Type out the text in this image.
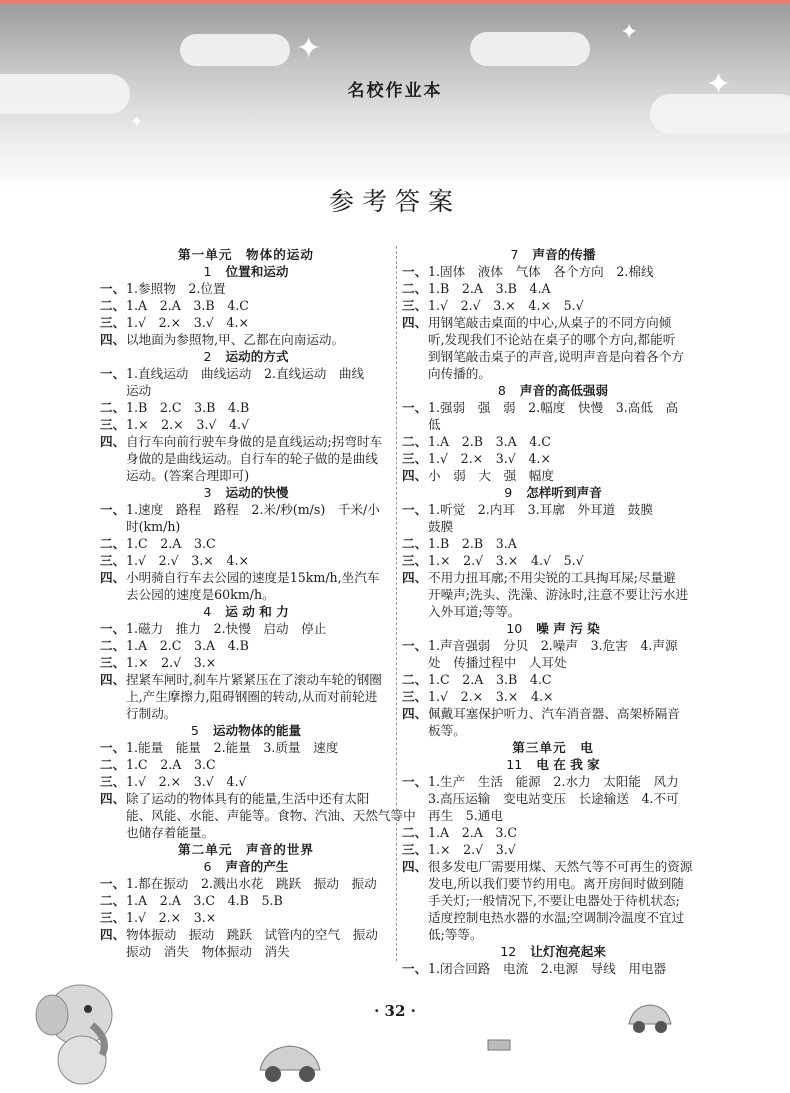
✦	✦
✦
✦
名校作业本
参考答案
第一单元　物体的运动
1 位置和运动
一、1.参照物　2.位置
二、1.A　2.A　3.B　4.C
三、1.√　2.×　3.√　4.×
四、以地面为参照物,甲、乙都在向南运动。
2 运动的方式
一、1.直线运动　曲线运动　2.直线运动　曲线
运动
二、1.B　2.C　3.B　4.B
三、1.×　2.×　3.√　4.√
四、自行车向前行驶车身做的是直线运动;拐弯时车
身做的是曲线运动。自行车的轮子做的是曲线
运动。(答案合理即可)
3 运动的快慢
一、1.速度　路程　路程　2.米/秒(m/s)　千米/小
时(km/h)
二、1.C　2.A　3.C
三、1.√　2.√　3.×　4.×
四、小明骑自行车去公园的速度是15km/h,坐汽车
去公园的速度是60km/h。
4 运 动 和 力
一、1.磁力　推力　2.快慢　启动　停止
二、1.A　2.C　3.A　4.B
三、1.×　2.√　3.×
四、捏紧车闸时,刹车片紧紧压在了滚动车轮的钢圈
上,产生摩擦力,阻碍钢圈的转动,从而对前轮进
行制动。
5 运动物体的能量
一、1.能量　能量　2.能量　3.质量　速度
二、1.C　2.A　3.C
三、1.√　2.×　3.√　4.√
四、除了运动的物体具有的能量,生活中还有太阳
能、风能、水能、声能等。食物、汽油、天然气等中
也储存着能量。
第二单元　声音的世界
6 声音的产生
一、1.都在振动　2.溅出水花　跳跃　振动　振动
二、1.A　2.A　3.C　4.B　5.B
三、1.√　2.×　3.×
四、物体振动　振动　跳跃　试管内的空气　振动
振动　消失　物体振动　消失
7 声音的传播
一、1.固体　液体　气体　各个方向　2.棉线
二、1.B　2.A　3.B　4.A
三、1.√　2.√　3.×　4.×　5.√
四、用钢笔敲击桌面的中心,从桌子的不同方向倾
听,发现我们不论站在桌子的哪个方向,都能听
到钢笔敲击桌子的声音,说明声音是向着各个方
向传播的。
8 声音的高低强弱
一、1.强弱　强　弱　2.幅度　快慢　3.高低　高
低
二、1.A　2.B　3.A　4.C
三、1.√　2.×　3.√　4.×
四、小　弱　大　强　幅度
9 怎样听到声音
一、1.听觉　2.内耳　3.耳廓　外耳道　鼓膜
鼓膜
二、1.B　2.B　3.A
三、1.×　2.√　3.×　4.√　5.√
四、不用力扭耳廓;不用尖锐的工具掏耳屎;尽量避
开噪声;洗头、洗澡、游泳时,注意不要让污水进
入外耳道;等等。
10 噪 声 污 染
一、1.声音强弱　分贝　2.噪声　3.危害　4.声源
处　传播过程中　人耳处
二、1.C　2.A　3.B　4.C
三、1.√　2.×　3.×　4.×
四、佩戴耳塞保护听力、汽车消音器、高架桥隔音
板等。
第三单元　电
11 电 在 我 家
一、1.生产　生活　能源　2.水力　太阳能　风力
3.高压运输　变电站变压　长途输送　4.不可
再生　5.通电
二、1.A　2.A　3.C
三、1.×　2.√　3.√
四、很多发电厂需要用煤、天然气等不可再生的资源
发电,所以我们要节约用电。离开房间时做到随
手关灯;一般情况下,不要让电器处于待机状态;
适度控制电热水器的水温;空调制冷温度不宜过
低;等等。
12 让灯泡亮起来
一、1.闭合回路　电流　2.电源　导线　用电器
· 32 ·
